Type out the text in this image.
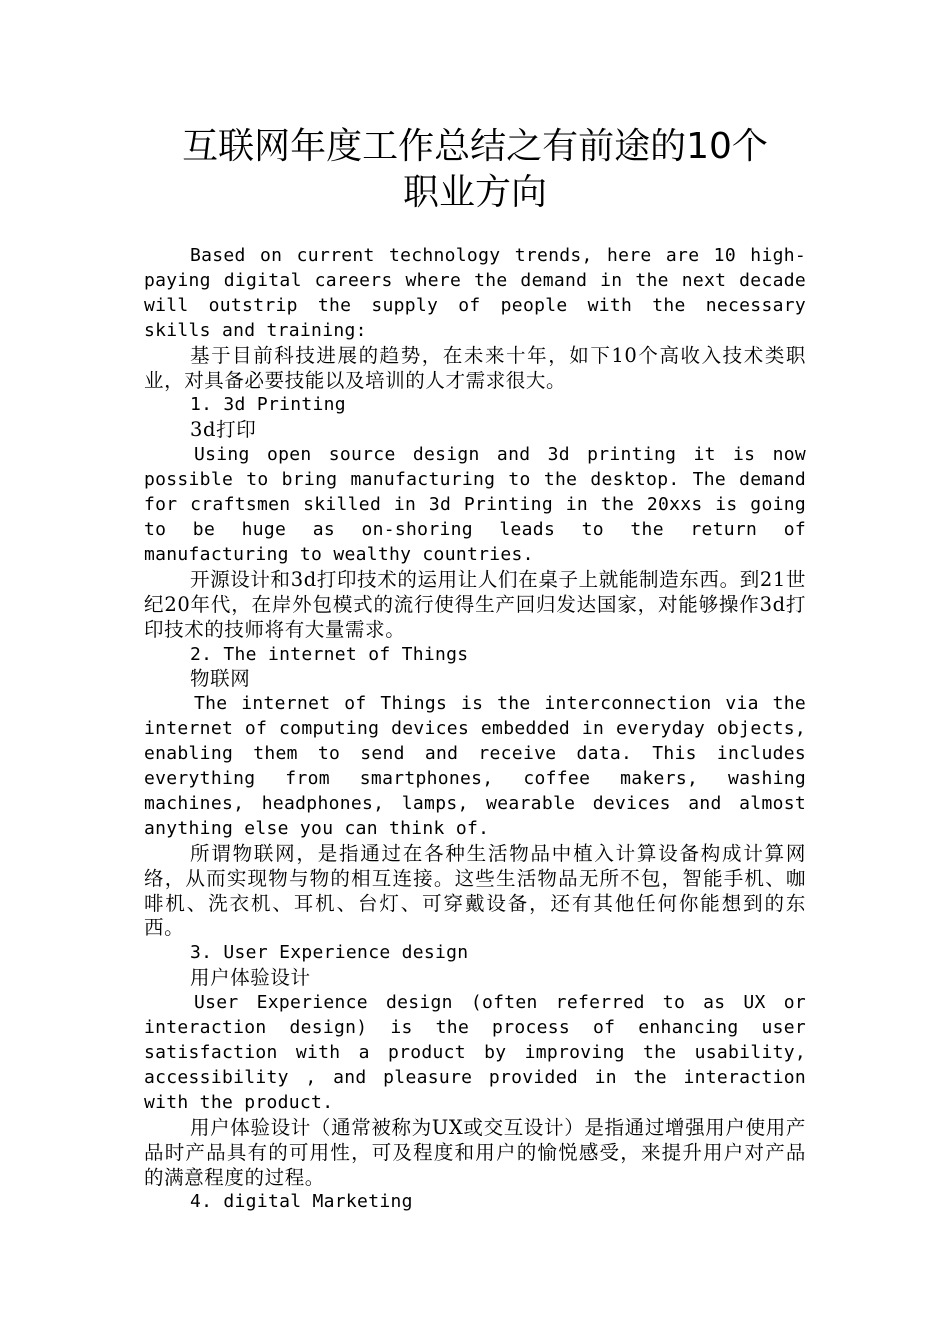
互联网年度工作总结之有前途的10个
职业方向

Based on current technology trends, here are 10 high-paying digital careers where the demand in the next decade will outstrip the supply of people with the necessary skills and training:

基于目前科技进展的趋势，在未来十年，如下10个高收入技术类职业，对具备必要技能以及培训的人才需求很大。

1. 3d Printing

3d打印

Using open source design and 3d printing it is now possible to bring manufacturing to the desktop. The demand for craftsmen skilled in 3d Printing in the 20xxs is going to be huge as on-shoring leads to the return of manufacturing to wealthy countries.

开源设计和3d打印技术的运用让人们在桌子上就能制造东西。到21世纪20年代，在岸外包模式的流行使得生产回归发达国家，对能够操作3d打印技术的技师将有大量需求。

2. The internet of Things

物联网

The internet of Things is the interconnection via the internet of computing devices embedded in everyday objects, enabling them to send and receive data. This includes everything from smartphones, coffee makers, washing machines, headphones, lamps, wearable devices and almost anything else you can think of.

所谓物联网，是指通过在各种生活物品中植入计算设备构成计算网络，从而实现物与物的相互连接。这些生活物品无所不包，智能手机、咖啡机、洗衣机、耳机、台灯、可穿戴设备，还有其他任何你能想到的东西。

3. User Experience design

用户体验设计

User Experience design (often referred to as UX or interaction design) is the process of enhancing user satisfaction with a product by improving the usability, accessibility , and pleasure provided in the interaction with the product.

用户体验设计（通常被称为UX或交互设计）是指通过增强用户使用产品时产品具有的可用性，可及程度和用户的愉悦感受，来提升用户对产品的满意程度的过程。

4. digital Marketing
